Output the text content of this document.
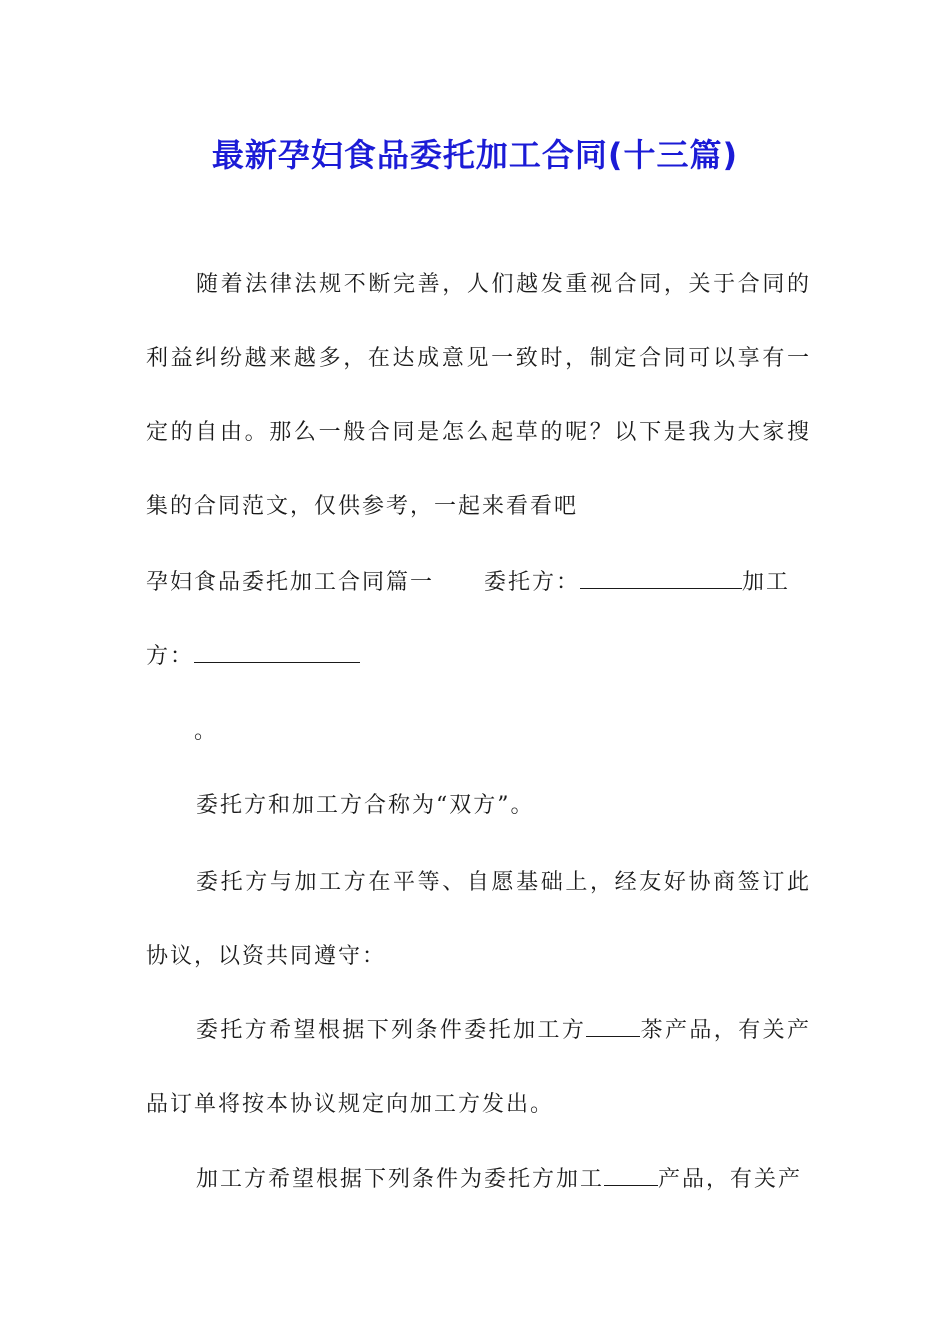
最新孕妇食品委托加工合同(十三篇)

随着法律法规不断完善，人们越发重视合同，关于合同的利益纠纷越来越多，在达成意见一致时，制定合同可以享有一定的自由。那么一般合同是怎么起草的呢？以下是我为大家搜集的合同范文，仅供参考，一起来看看吧

孕妇食品委托加工合同篇一 委托方：	加工

方：

。

委托方和加工方合称为“双方”。

委托方与加工方在平等、自愿基础上，经友好协商签订此协议，以资共同遵守：

委托方希望根据下列条件委托加工方 茶产品，有关产品订单将按本协议规定向加工方发出。

加工方希望根据下列条件为委托方加工 产品，有关产
